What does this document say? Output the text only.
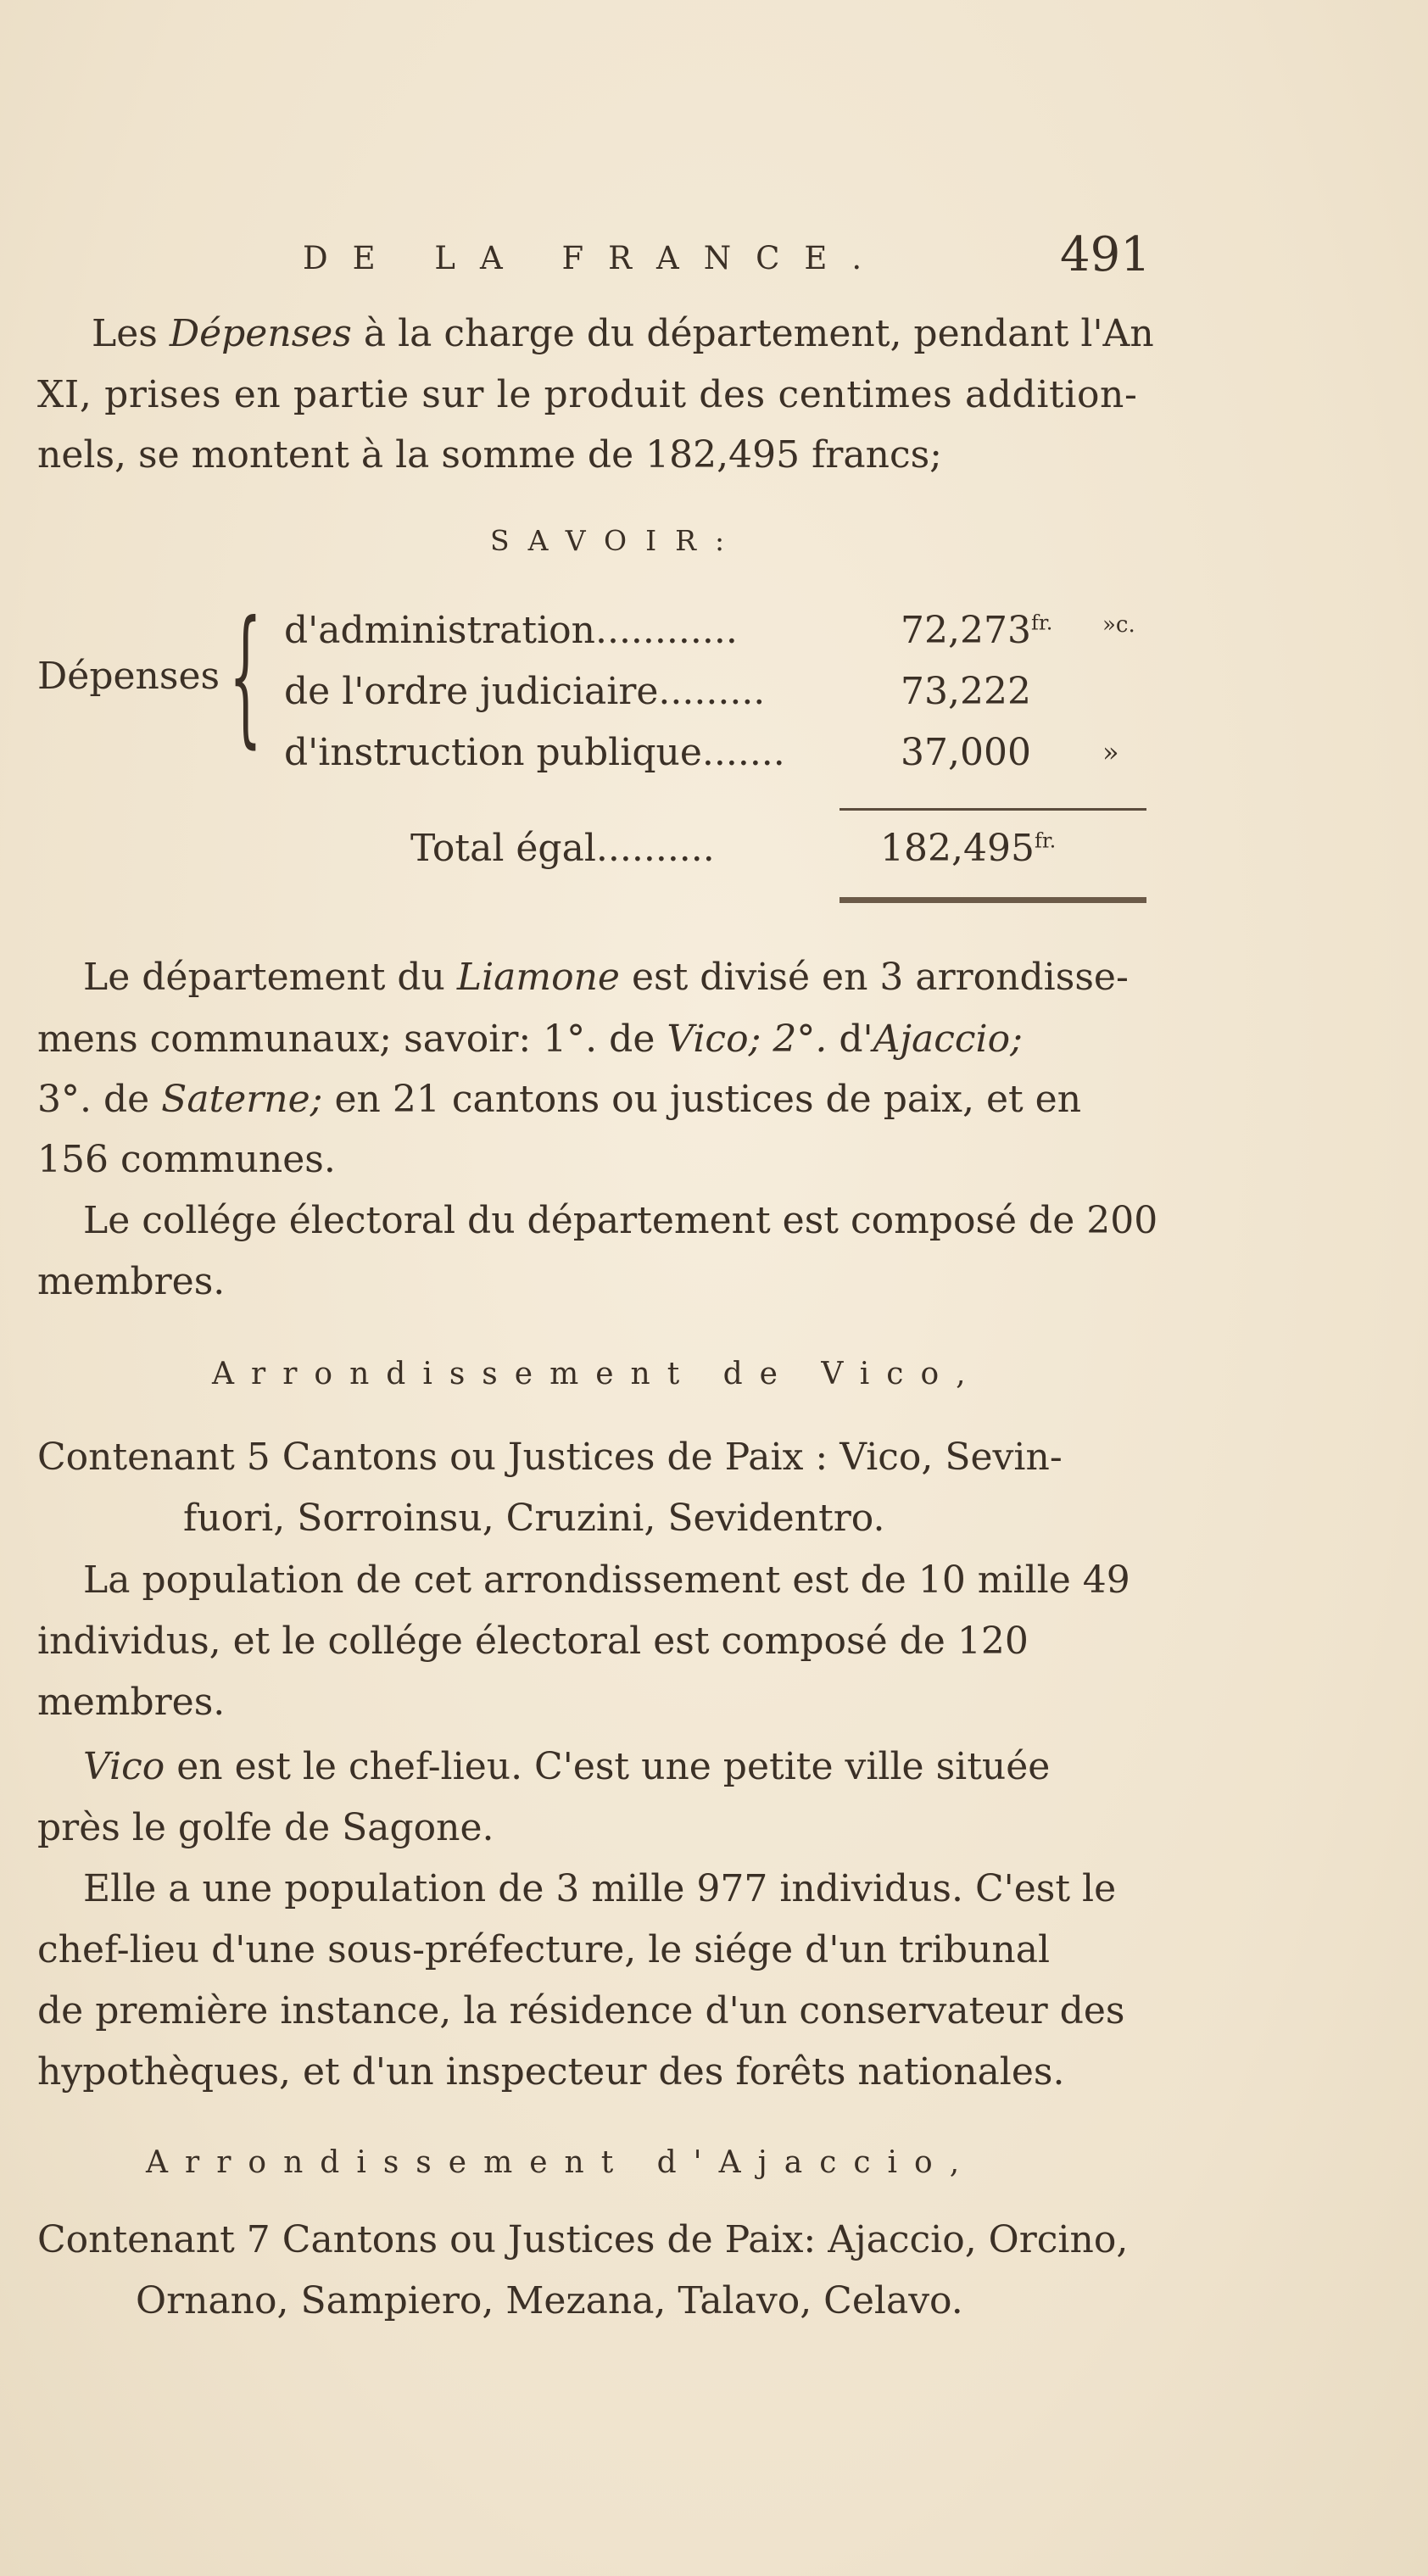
DE LA FRANCE.	491
Les Dépenses à la charge du département, pendant l'An
XI, prises en partie sur le produit des centimes addition-
nels, se montent à la somme de 182,495 francs;
SAVOIR:
Dépenses { d'administration............	$72,273^{fr.}$ »c.
de l'ordre judiciaire.........	73,222
d'instruction publique.......	37,000	»
Total égal..........	$182,495^{fr.}$
Le département du Liamone est divisé en 3 arrondisse-
mens communaux; savoir: 1°. de Vico; 2°. d'Ajaccio;
3°. de Saterne; en 21 cantons ou justices de paix, et en
156 communes.
Le collége électoral du département est composé de 200
membres.
Arrondissement de Vico,
Contenant 5 Cantons ou Justices de Paix : Vico, Sevin-
fuori, Sorroinsu, Cruzini, Sevidentro.
La population de cet arrondissement est de 10 mille 49
individus, et le collége électoral est composé de 120
membres.
Vico en est le chef-lieu. C'est une petite ville située
près le golfe de Sagone.
Elle a une population de 3 mille 977 individus. C'est le
chef-lieu d'une sous-préfecture, le siége d'un tribunal
de première instance, la résidence d'un conservateur des
hypothèques, et d'un inspecteur des forêts nationales.
Arrondissement d'Ajaccio,
Contenant 7 Cantons ou Justices de Paix: Ajaccio, Orcino,
Ornano, Sampiero, Mezana, Talavo, Celavo.
